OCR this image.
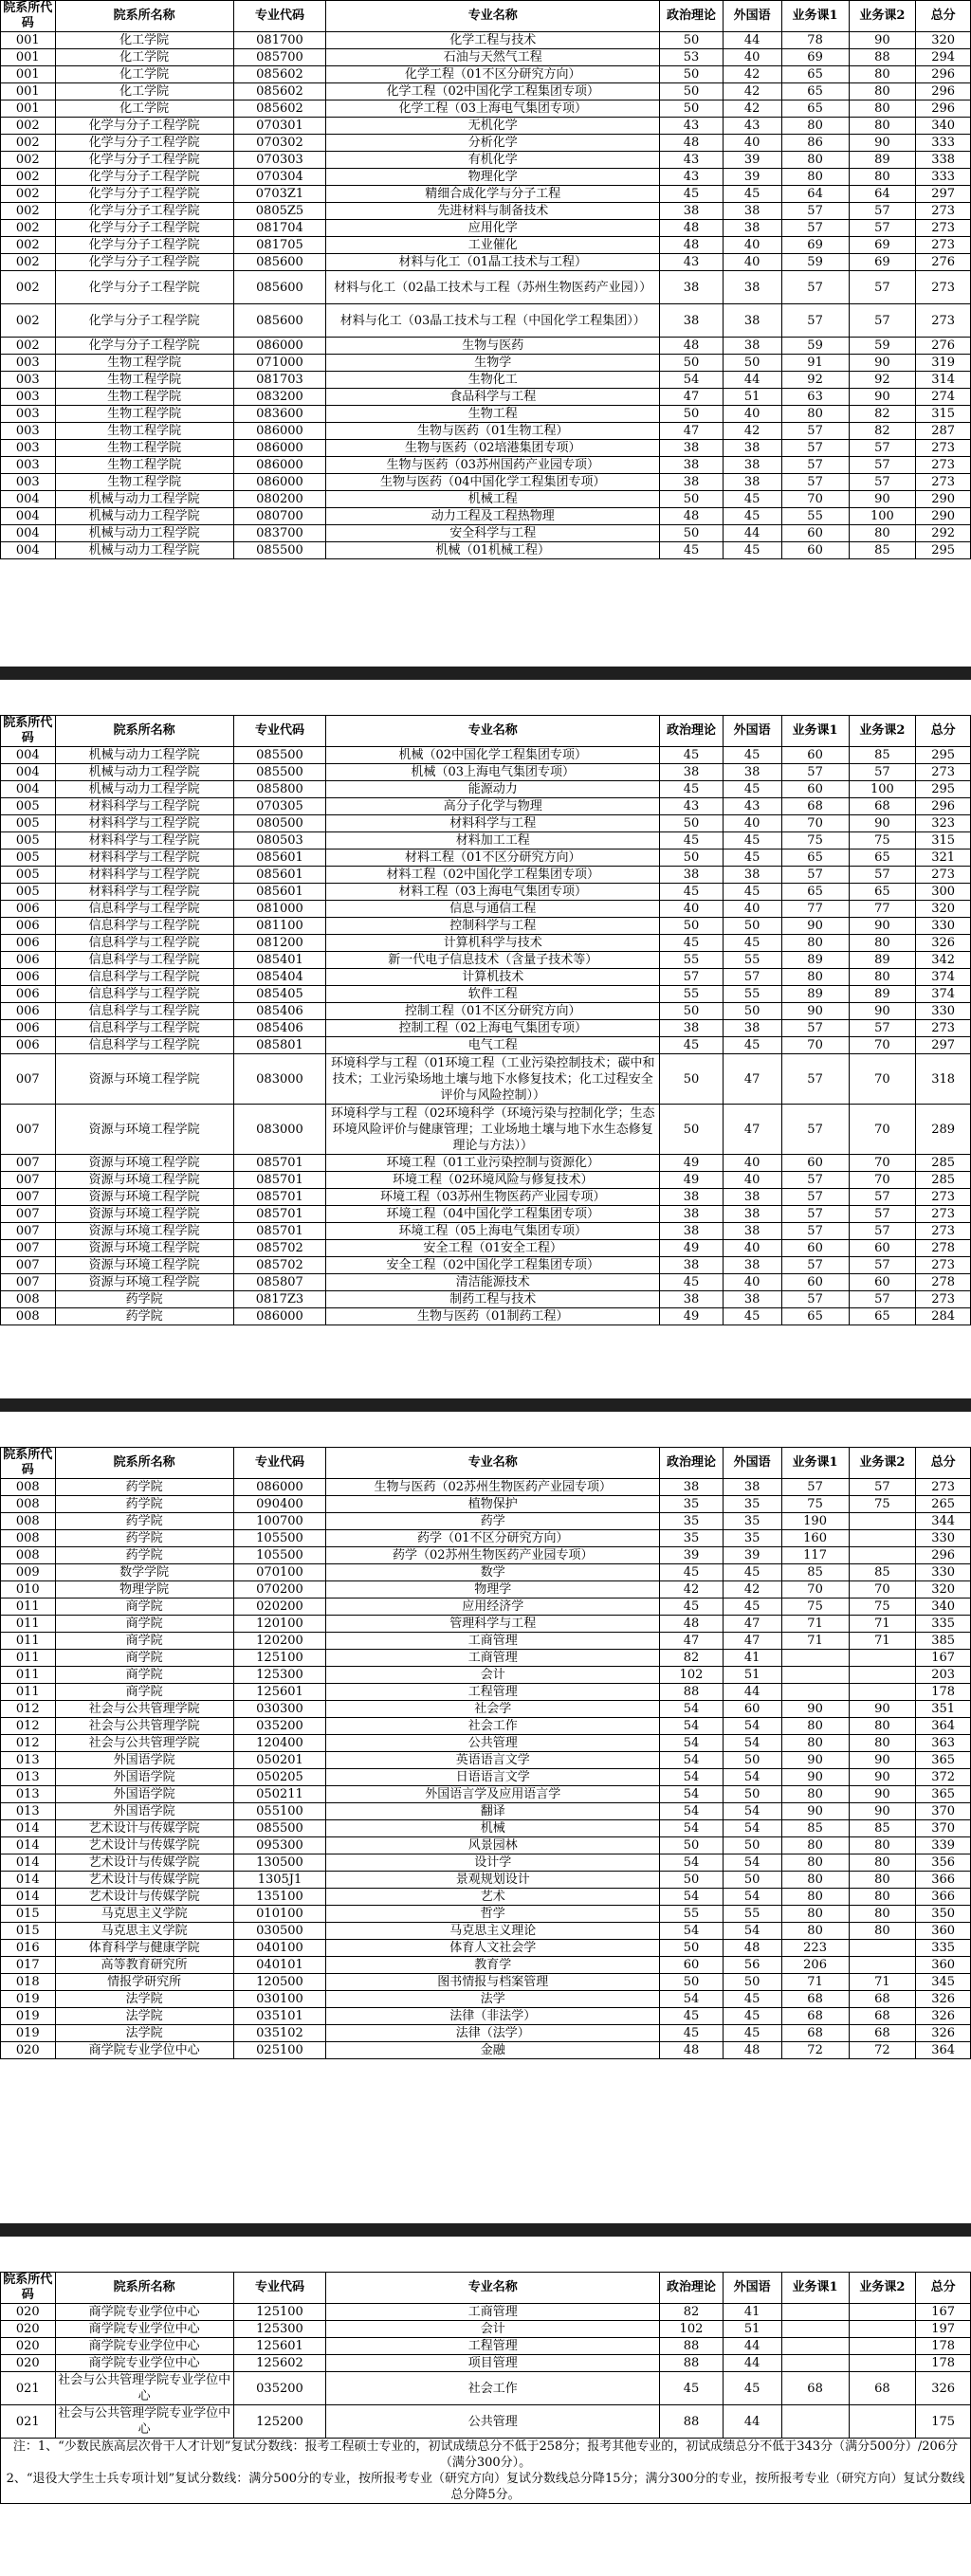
院系所代码	院系所名称	专业代码	专业名称	政治理论	外国语	业务课1	业务课2	总分
001	化工学院	081700	化学工程与技术	50	44	78	90	320
001	化工学院	085700	石油与天然气工程	53	40	69	88	294
001	化工学院	085602	化学工程（01不区分研究方向）	50	42	65	80	296
001	化工学院	085602	化学工程（02中国化学工程集团专项）	50	42	65	80	296
001	化工学院	085602	化学工程（03上海电气集团专项）	50	42	65	80	296
002	化学与分子工程学院	070301	无机化学	43	43	80	80	340
002	化学与分子工程学院	070302	分析化学	48	40	86	90	333
002	化学与分子工程学院	070303	有机化学	43	39	80	89	338
002	化学与分子工程学院	070304	物理化学	43	39	80	80	333
002	化学与分子工程学院	0703Z1	精细合成化学与分子工程	45	45	64	64	297
002	化学与分子工程学院	0805Z5	先进材料与制备技术	38	38	57	57	273
002	化学与分子工程学院	081704	应用化学	48	38	57	57	273
002	化学与分子工程学院	081705	工业催化	48	40	69	69	273
002	化学与分子工程学院	085600	材料与化工（01晶工技术与工程）	43	40	59	69	276
002	化学与分子工程学院	085600	材料与化工（02晶工技术与工程（苏州生物医药产业园））	38	38	57	57	273
002	化学与分子工程学院	085600	材料与化工（03晶工技术与工程（中国化学工程集团））	38	38	57	57	273
002	化学与分子工程学院	086000	生物与医药	48	38	59	59	276
003	生物工程学院	071000	生物学	50	50	91	90	319
003	生物工程学院	081703	生物化工	54	44	92	92	314
003	生物工程学院	083200	食品科学与工程	47	51	63	90	274
003	生物工程学院	083600	生物工程	50	40	80	82	315
003	生物工程学院	086000	生物与医药（01生物工程）	47	42	57	82	287
003	生物工程学院	086000	生物与医药（02培港集团专项）	38	38	57	57	273
003	生物工程学院	086000	生物与医药（03苏州国药产业园专项）	38	38	57	57	273
003	生物工程学院	086000	生物与医药（04中国化学工程集团专项）	38	38	57	57	273
004	机械与动力工程学院	080200	机械工程	50	45	70	90	290
004	机械与动力工程学院	080700	动力工程及工程热物理	48	45	55	100	290
004	机械与动力工程学院	083700	安全科学与工程	50	44	60	80	292
004	机械与动力工程学院	085500	机械（01机械工程）	45	45	60	85	295
院系所代码	院系所名称	专业代码	专业名称	政治理论	外国语	业务课1	业务课2	总分
004	机械与动力工程学院	085500	机械（02中国化学工程集团专项）	45	45	60	85	295
004	机械与动力工程学院	085500	机械（03上海电气集团专项）	38	38	57	57	273
004	机械与动力工程学院	085800	能源动力	45	45	60	100	295
005	材料科学与工程学院	070305	高分子化学与物理	43	43	68	68	296
005	材料科学与工程学院	080500	材料科学与工程	50	40	70	90	323
005	材料科学与工程学院	080503	材料加工工程	45	45	75	75	315
005	材料科学与工程学院	085601	材料工程（01不区分研究方向）	50	45	65	65	321
005	材料科学与工程学院	085601	材料工程（02中国化学工程集团专项）	38	38	57	57	273
005	材料科学与工程学院	085601	材料工程（03上海电气集团专项）	45	45	65	65	300
006	信息科学与工程学院	081000	信息与通信工程	40	40	77	77	320
006	信息科学与工程学院	081100	控制科学与工程	50	50	90	90	330
006	信息科学与工程学院	081200	计算机科学与技术	45	45	80	80	326
006	信息科学与工程学院	085401	新一代电子信息技术（含量子技术等）	55	55	89	89	342
006	信息科学与工程学院	085404	计算机技术	57	57	80	80	374
006	信息科学与工程学院	085405	软件工程	55	55	89	89	374
006	信息科学与工程学院	085406	控制工程（01不区分研究方向）	50	50	90	90	330
006	信息科学与工程学院	085406	控制工程（02上海电气集团专项）	38	38	57	57	273
006	信息科学与工程学院	085801	电气工程	45	45	70	70	297
007	资源与环境工程学院	083000	环境科学与工程（01环境工程（工业污染控制技术；碳中和技术；工业污染场地土壤与地下水修复技术；化工过程安全评价与风险控制））	50	47	57	70	318
007	资源与环境工程学院	083000	环境科学与工程（02环境科学（环境污染与控制化学；生态环境风险评价与健康管理；工业场地土壤与地下水生态修复理论与方法））	50	47	57	70	289
007	资源与环境工程学院	085701	环境工程（01工业污染控制与资源化）	49	40	60	70	285
007	资源与环境工程学院	085701	环境工程（02环境风险与修复技术）	49	40	57	70	285
007	资源与环境工程学院	085701	环境工程（03苏州生物医药产业园专项）	38	38	57	57	273
007	资源与环境工程学院	085701	环境工程（04中国化学工程集团专项）	38	38	57	57	273
007	资源与环境工程学院	085701	环境工程（05上海电气集团专项）	38	38	57	57	273
007	资源与环境工程学院	085702	安全工程（01安全工程）	49	40	60	60	278
007	资源与环境工程学院	085702	安全工程（02中国化学工程集团专项）	38	38	57	57	273
007	资源与环境工程学院	085807	清洁能源技术	45	40	60	60	278
008	药学院	0817Z3	制药工程与技术	38	38	57	57	273
008	药学院	086000	生物与医药（01制药工程）	49	45	65	65	284
院系所代码	院系所名称	专业代码	专业名称	政治理论	外国语	业务课1	业务课2	总分
008	药学院	086000	生物与医药（02苏州生物医药产业园专项）	38	38	57	57	273
008	药学院	090400	植物保护	35	35	75	75	265
008	药学院	100700	药学	35	35	190		344
008	药学院	105500	药学（01不区分研究方向）	35	35	160		330
008	药学院	105500	药学（02苏州生物医药产业园专项）	39	39	117		296
009	数学学院	070100	数学	45	45	85	85	330
010	物理学院	070200	物理学	42	42	70	70	320
011	商学院	020200	应用经济学	45	45	75	75	340
011	商学院	120100	管理科学与工程	48	47	71	71	335
011	商学院	120200	工商管理	47	47	71	71	385
011	商学院	125100	工商管理	82	41			167
011	商学院	125300	会计	102	51			203
011	商学院	125601	工程管理	88	44			178
012	社会与公共管理学院	030300	社会学	54	60	90	90	351
012	社会与公共管理学院	035200	社会工作	54	54	80	80	364
012	社会与公共管理学院	120400	公共管理	54	54	80	80	363
013	外国语学院	050201	英语语言文学	54	50	90	90	365
013	外国语学院	050205	日语语言文学	54	54	90	90	372
013	外国语学院	050211	外国语言学及应用语言学	54	50	80	90	365
013	外国语学院	055100	翻译	54	54	90	90	370
014	艺术设计与传媒学院	085500	机械	54	54	85	85	370
014	艺术设计与传媒学院	095300	风景园林	50	50	80	80	339
014	艺术设计与传媒学院	130500	设计学	54	54	80	80	356
014	艺术设计与传媒学院	1305J1	景观规划设计	50	50	80	80	366
014	艺术设计与传媒学院	135100	艺术	54	54	80	80	366
015	马克思主义学院	010100	哲学	55	55	80	80	350
015	马克思主义学院	030500	马克思主义理论	54	54	80	80	360
016	体育科学与健康学院	040100	体育人文社会学	50	48	223		335
017	高等教育研究所	040101	教育学	60	56	206		360
018	情报学研究所	120500	图书情报与档案管理	50	50	71	71	345
019	法学院	030100	法学	54	45	68	68	326
019	法学院	035101	法律（非法学）	45	45	68	68	326
019	法学院	035102	法律（法学）	45	45	68	68	326
020	商学院专业学位中心	025100	金融	48	48	72	72	364
院系所代码	院系所名称	专业代码	专业名称	政治理论	外国语	业务课1	业务课2	总分
020	商学院专业学位中心	125100	工商管理	82	41			167
020	商学院专业学位中心	125300	会计	102	51			197
020	商学院专业学位中心	125601	工程管理	88	44			178
020	商学院专业学位中心	125602	项目管理	88	44			178
021	社会与公共管理学院专业学位中心	035200	社会工作	45	45	68	68	326
021	社会与公共管理学院专业学位中心	125200	公共管理	88	44			175

注：1、“少数民族高层次骨干人才计划”复试分数线：报考工程硕士专业的，初试成绩总分不低于258分；报考其他专业的，初试成绩总分不低于343分（满分500分）/206分（满分300分）。

2、“退役大学生士兵专项计划”复试分数线：满分500分的专业，按所报考专业（研究方向）复试分数线总分降15分；满分300分的专业，按所报考专业（研究方向）复试分数线总分降5分。								
